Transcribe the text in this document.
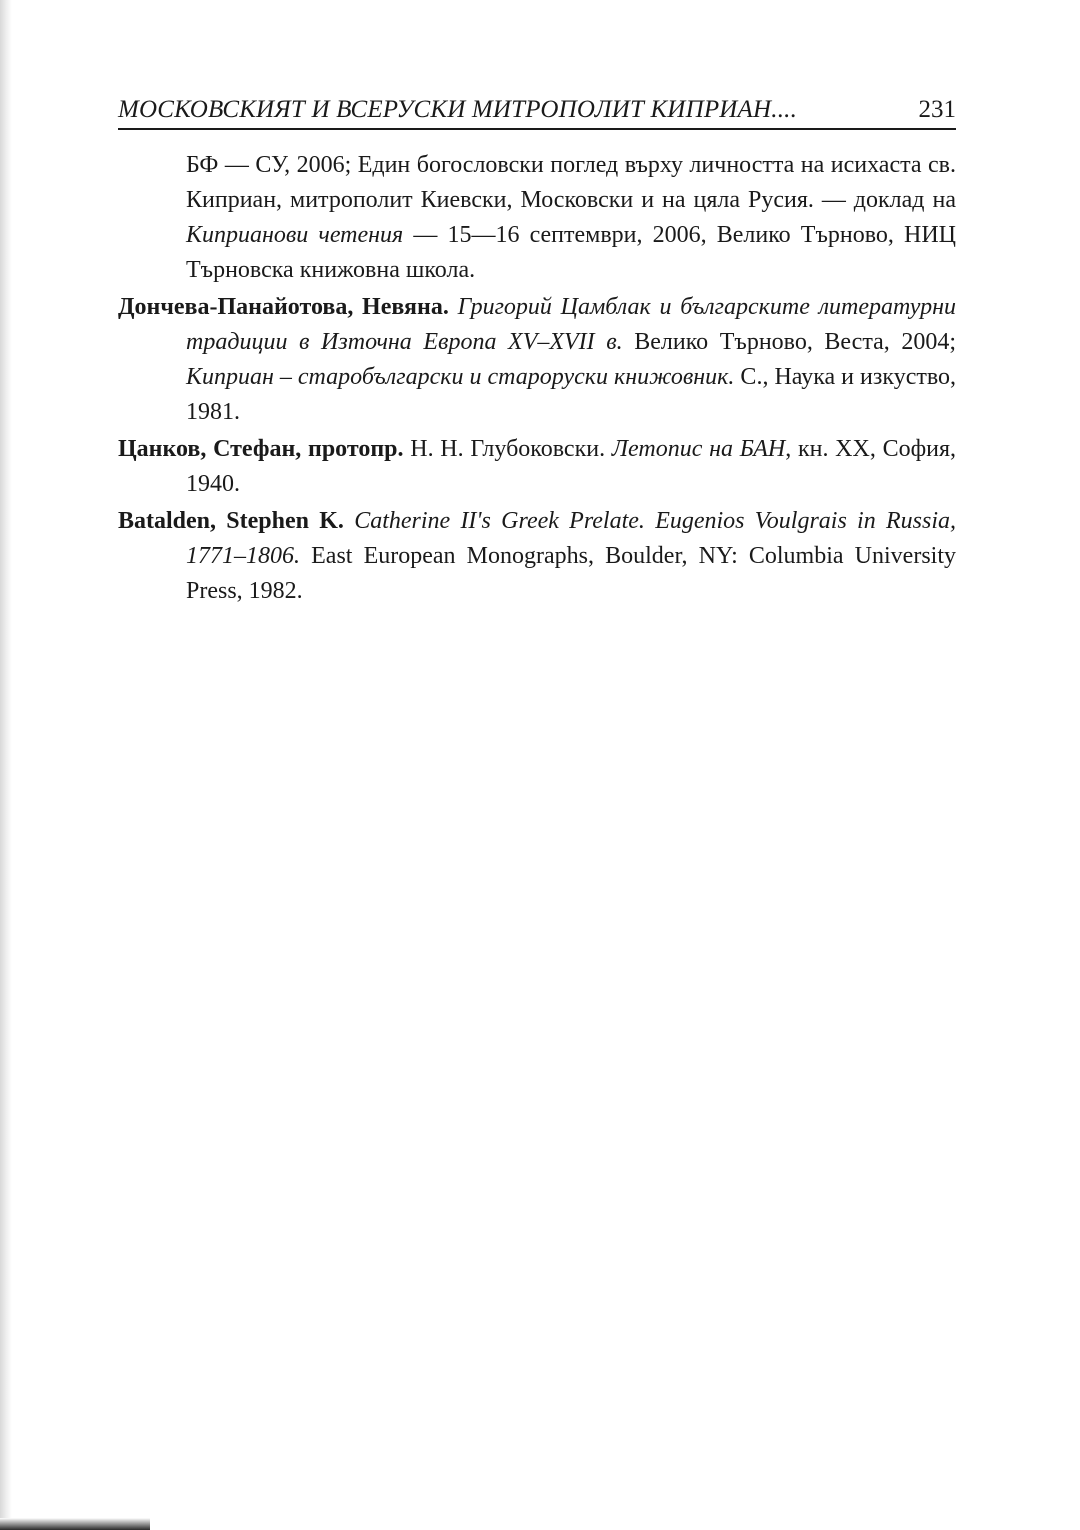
МОСКОВСКИЯТ И ВСЕРУСКИ МИТРОПОЛИТ КИПРИАН....	231

БФ — СУ, 2006; Един богословски поглед върху личността на исихаста св. Киприан, митрополит Киевски, Московски и на цяла Русия. — доклад на Киприанови четения — 15—16 септември, 2006, Велико Търново, НИЦ Търновска книжовна школа.

Дончева-Панайотова, Невяна. Григорий Цамблак и българските литературни традиции в Източна Европа XV–XVII в. Велико Търново, Веста, 2004; Киприан – старобългарски и староруски книжовник. С., Наука и изкуство, 1981.

Цанков, Стефан, протопр. Н. Н. Глубоковски. Летопис на БАН, кн. XX, София, 1940.

Batalden, Stephen K. Catherine II's Greek Prelate. Eugenios Voulgrais in Russia, 1771–1806. East European Monographs, Boulder, NY: Columbia University Press, 1982.
